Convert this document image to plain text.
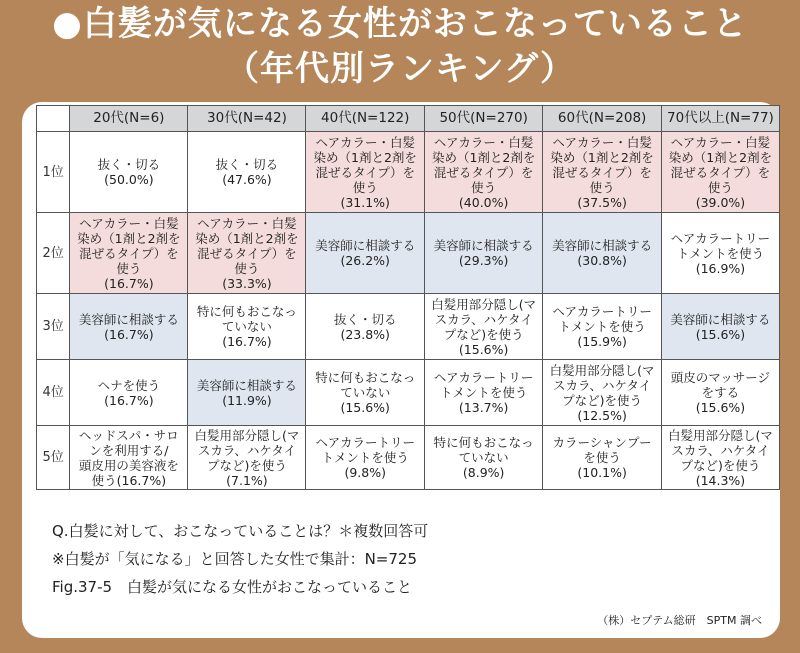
●白髪が気になる女性がおこなっていること
（年代別ランキング）
	20代(N=6)	30代(N=42)	40代(N=122)	50代(N=270)	60代(N=208)	70代以上(N=77)
1位	抜く・切る
(50.0%)	抜く・切る
(47.6%)	ヘアカラー・白髪
染め（1剤と2剤を
混ぜるタイプ）を
使う
(31.1%)	ヘアカラー・白髪
染め（1剤と2剤を
混ぜるタイプ）を
使う
(40.0%)	ヘアカラー・白髪
染め（1剤と2剤を
混ぜるタイプ）を
使う
(37.5%)	ヘアカラー・白髪
染め（1剤と2剤を
混ぜるタイプ）を
使う
(39.0%)
2位	ヘアカラー・白髪
染め（1剤と2剤を
混ぜるタイプ）を
使う
(16.7%)	ヘアカラー・白髪
染め（1剤と2剤を
混ぜるタイプ）を
使う
(33.3%)	美容師に相談する
(26.2%)	美容師に相談する
(29.3%)	美容師に相談する
(30.8%)	ヘアカラートリー
トメントを使う
(16.9%)
3位	美容師に相談する
(16.7%)	特に何もおこなっ
ていない
(16.7%)	抜く・切る
(23.8%)	白髪用部分隠し(マ
スカラ、ハケタイ
プなど)を使う
(15.6%)	ヘアカラートリー
トメントを使う
(15.9%)	美容師に相談する
(15.6%)
4位	ヘナを使う
(16.7%)	美容師に相談する
(11.9%)	特に何もおこなっ
ていない
(15.6%)	ヘアカラートリー
トメントを使う
(13.7%)	白髪用部分隠し(マ
スカラ、ハケタイ
プなど)を使う
(12.5%)	頭皮のマッサージ
をする
(15.6%)
5位	ヘッドスパ・サロ
ンを利用する/
頭皮用の美容液を
使う(16.7%)	白髪用部分隠し(マ
スカラ、ハケタイ
プなど)を使う
(7.1%)	ヘアカラートリー
トメントを使う
(9.8%)	特に何もおこなっ
ていない
(8.9%)	カラーシャンプー
を使う
(10.1%)	白髪用部分隠し(マ
スカラ、ハケタイ
プなど)を使う
(14.3%)
Q.白髪に対して、おこなっていることは？＊複数回答可
※白髪が「気になる」と回答した女性で集計：N=725
Fig.37-5　白髪が気になる女性がおこなっていること
（株）セプテム総研　SPTM 調べ
